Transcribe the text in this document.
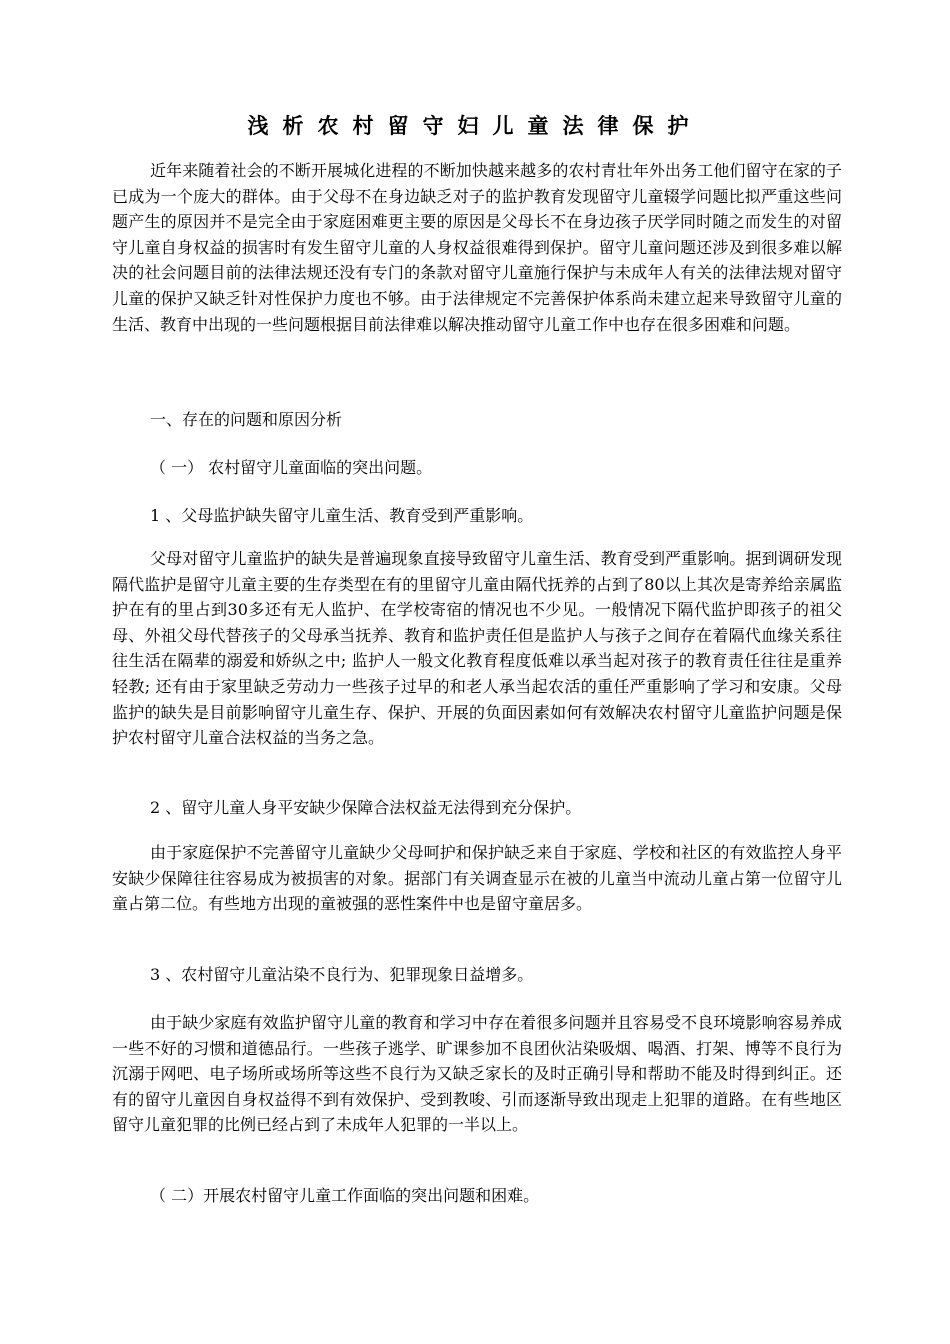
浅析农村留守妇儿童法律保护

近年来随着社会的不断开展城化进程的不断加快越来越多的农村青壮年外出务工他们留守在家的子已成为一个庞大的群体。由于父母不在身边缺乏对子的监护教育发现留守儿童辍学问题比拟严重这些问题产生的原因并不是完全由于家庭困难更主要的原因是父母长不在身边孩子厌学同时随之而发生的对留守儿童自身权益的损害时有发生留守儿童的人身权益很难得到保护。留守儿童问题还涉及到很多难以解决的社会问题目前的法律法规还没有专门的条款对留守儿童施行保护与未成年人有关的法律法规对留守儿童的保护又缺乏针对性保护力度也不够。由于法律规定不完善保护体系尚未建立起来导致留守儿童的生活、教育中出现的一些问题根据目前法律难以解决推动留守儿童工作中也存在很多困难和问题。

一、存在的问题和原因分析

（ 一） 农村留守儿童面临的突出问题。

1 、父母监护缺失留守儿童生活、教育受到严重影响。

父母对留守儿童监护的缺失是普遍现象直接导致留守儿童生活、教育受到严重影响。据到调研发现隔代监护是留守儿童主要的生存类型在有的里留守儿童由隔代抚养的占到了80以上其次是寄养给亲属监护在有的里占到30多还有无人监护、在学校寄宿的情况也不少见。一般情况下隔代监护即孩子的祖父母、外祖父母代替孩子的父母承当抚养、教育和监护责任但是监护人与孩子之间存在着隔代血缘关系往往生活在隔辈的溺爱和娇纵之中; 监护人一般文化教育程度低难以承当起对孩子的教育责任往往是重养轻教; 还有由于家里缺乏劳动力一些孩子过早的和老人承当起农活的重任严重影响了学习和安康。父母监护的缺失是目前影响留守儿童生存、保护、开展的负面因素如何有效解决农村留守儿童监护问题是保护农村留守儿童合法权益的当务之急。

2 、留守儿童人身平安缺少保障合法权益无法得到充分保护。

由于家庭保护不完善留守儿童缺少父母呵护和保护缺乏来自于家庭、学校和社区的有效监控人身平安缺少保障往往容易成为被损害的对象。据部门有关调查显示在被的儿童当中流动儿童占第一位留守儿童占第二位。有些地方出现的童被强的恶性案件中也是留守童居多。

3 、农村留守儿童沾染不良行为、犯罪现象日益增多。

由于缺少家庭有效监护留守儿童的教育和学习中存在着很多问题并且容易受不良环境影响容易养成一些不好的习惯和道德品行。一些孩子逃学、旷课参加不良团伙沾染吸烟、喝酒、打架、博等不良行为沉溺于网吧、电子场所或场所等这些不良行为又缺乏家长的及时正确引导和帮助不能及时得到纠正。还有的留守儿童因自身权益得不到有效保护、受到教唆、引而逐渐导致出现走上犯罪的道路。在有些地区留守儿童犯罪的比例已经占到了未成年人犯罪的一半以上。

（ 二）开展农村留守儿童工作面临的突出问题和困难。
